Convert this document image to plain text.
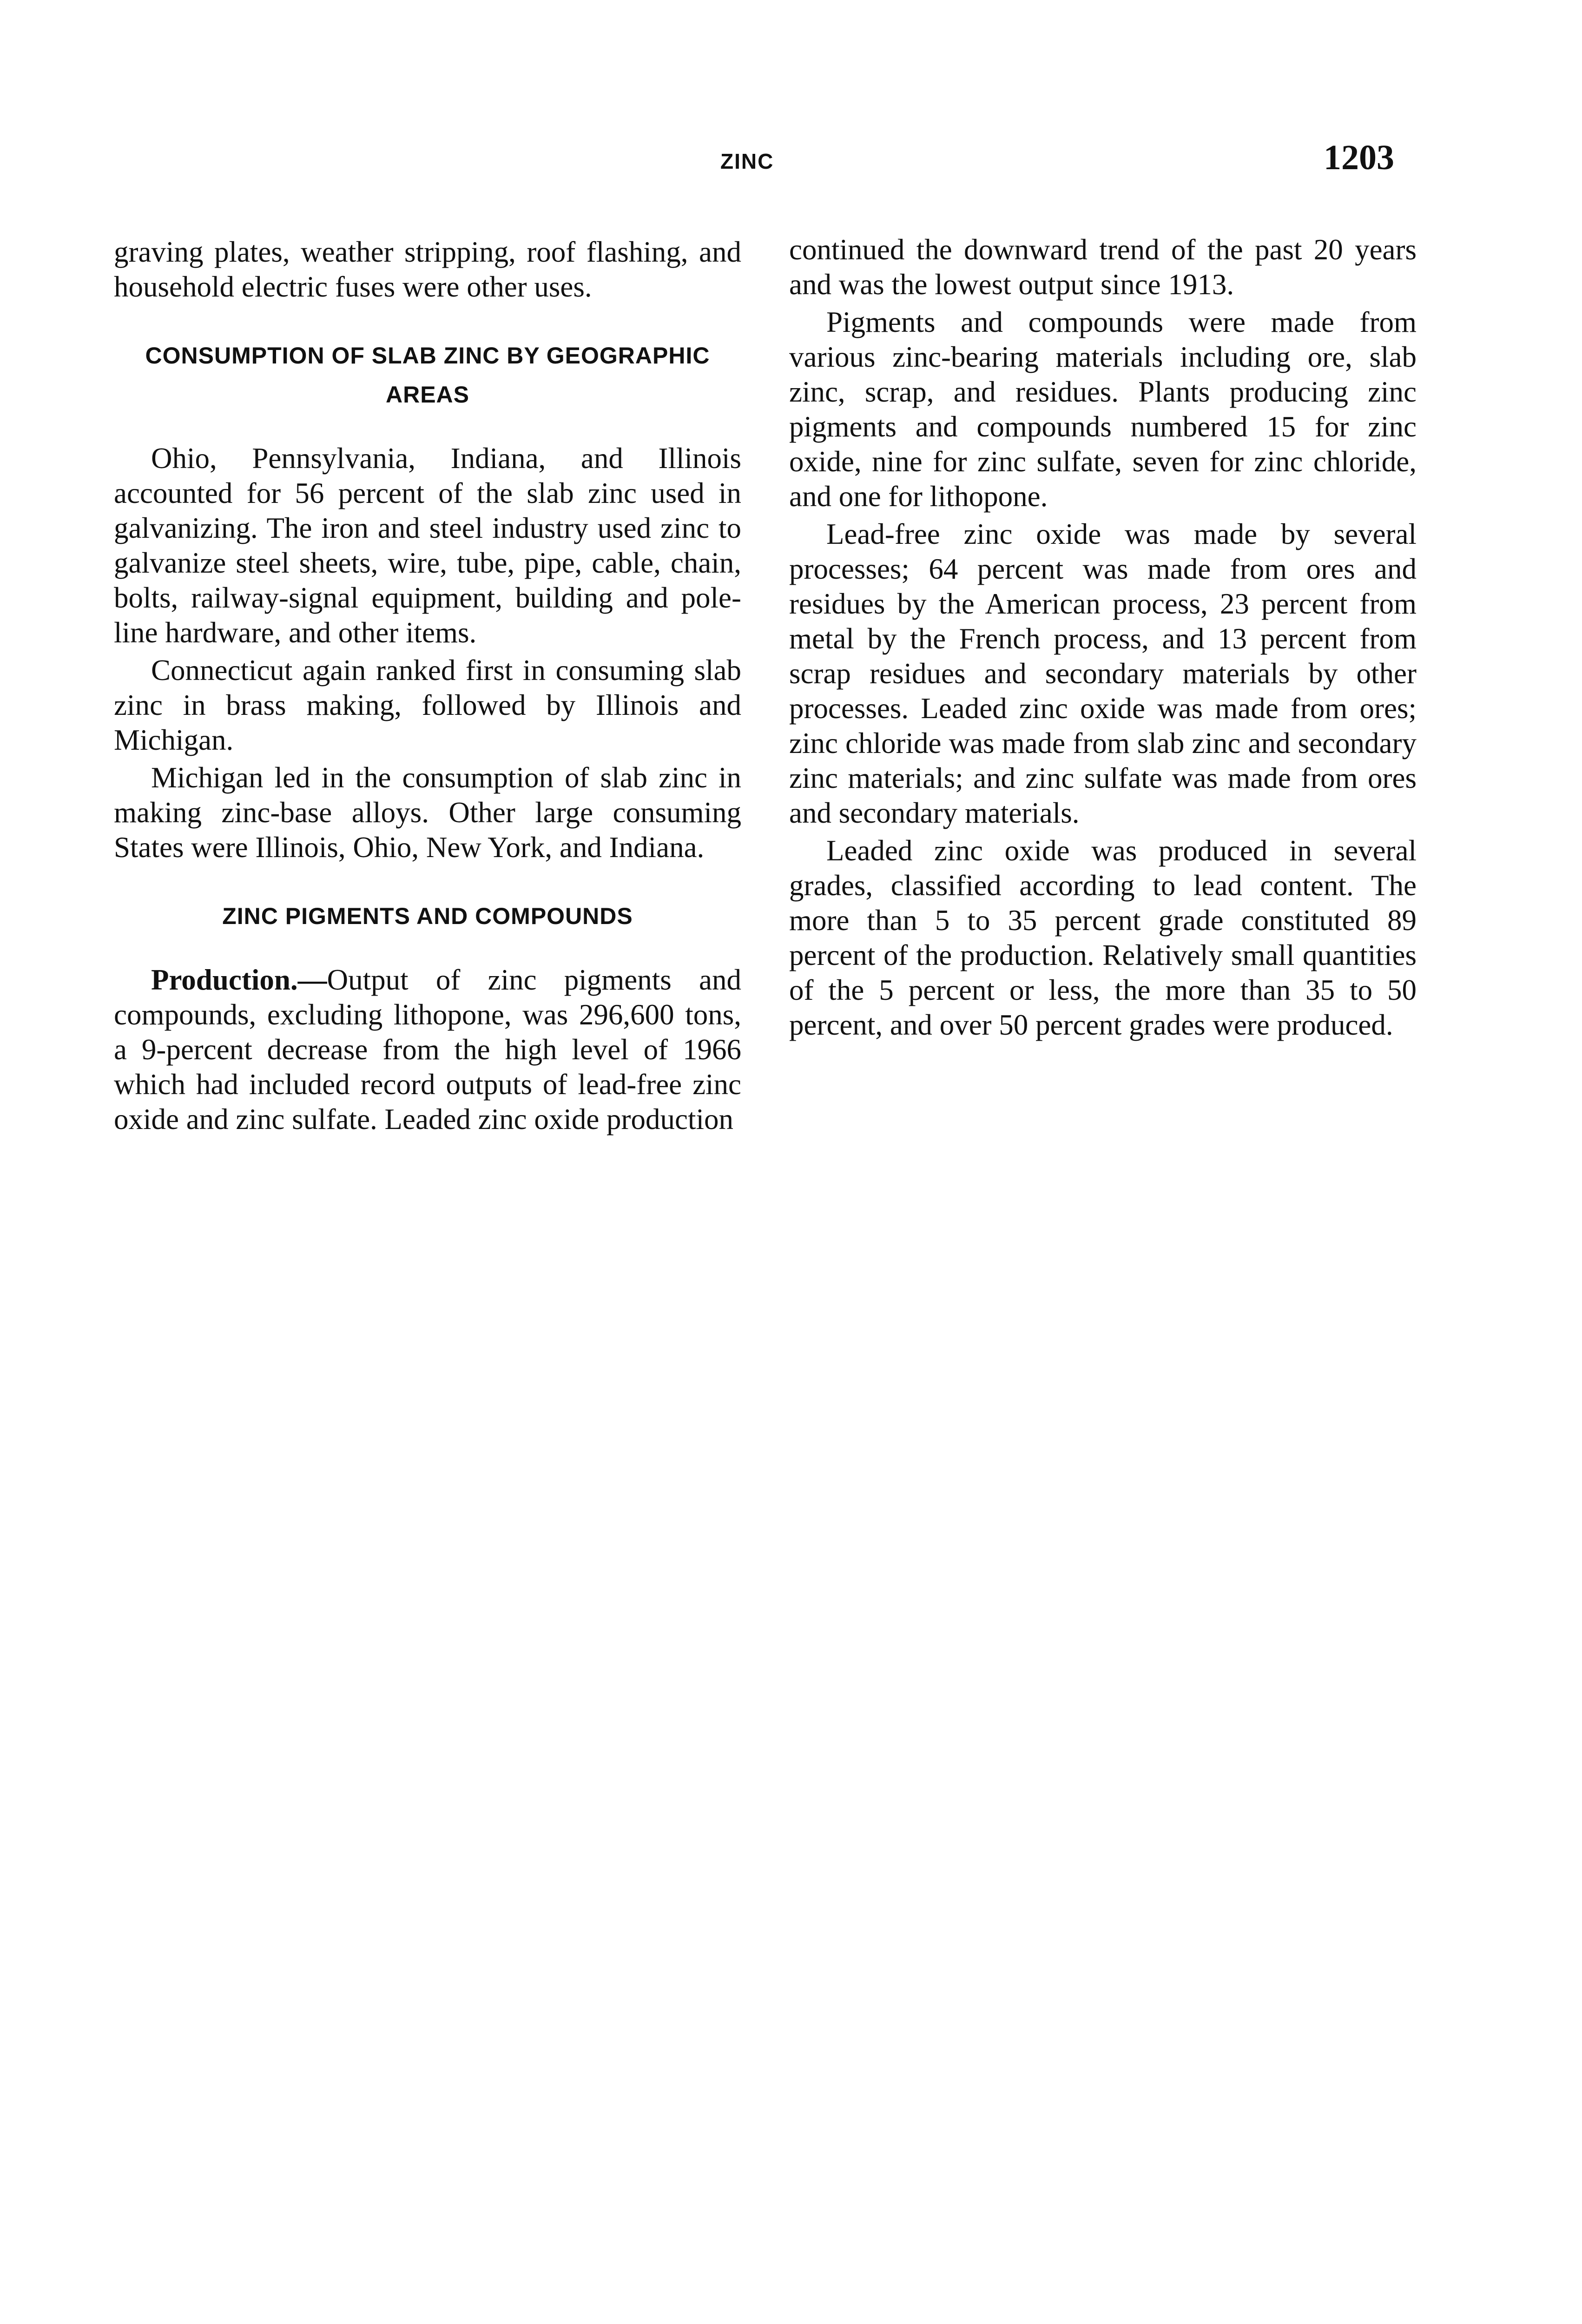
ZINC	1203

graving plates, weather stripping, roof flashing, and household electric fuses were other uses.

CONSUMPTION OF SLAB ZINC BY GEOGRAPHIC AREAS

Ohio, Pennsylvania, Indiana, and Illinois accounted for 56 percent of the slab zinc used in galvanizing. The iron and steel industry used zinc to galvanize steel sheets, wire, tube, pipe, cable, chain, bolts, railway-signal equipment, building and pole-line hardware, and other items.

Connecticut again ranked first in consuming slab zinc in brass making, followed by Illinois and Michigan.

Michigan led in the consumption of slab zinc in making zinc-base alloys. Other large consuming States were Illinois, Ohio, New York, and Indiana.

ZINC PIGMENTS AND COMPOUNDS

Production.—Output of zinc pigments and compounds, excluding lithopone, was 296,600 tons, a 9-percent decrease from the high level of 1966 which had included record outputs of lead-free zinc oxide and zinc sulfate. Leaded zinc oxide production

continued the downward trend of the past 20 years and was the lowest output since 1913.

Pigments and compounds were made from various zinc-bearing materials including ore, slab zinc, scrap, and residues. Plants producing zinc pigments and compounds numbered 15 for zinc oxide, nine for zinc sulfate, seven for zinc chloride, and one for lithopone.

Lead-free zinc oxide was made by several processes; 64 percent was made from ores and residues by the American process, 23 percent from metal by the French process, and 13 percent from scrap residues and secondary materials by other processes. Leaded zinc oxide was made from ores; zinc chloride was made from slab zinc and secondary zinc materials; and zinc sulfate was made from ores and secondary materials.

Leaded zinc oxide was produced in several grades, classified according to lead content. The more than 5 to 35 percent grade constituted 89 percent of the production. Relatively small quantities of the 5 percent or less, the more than 35 to 50 percent, and over 50 percent grades were produced.
